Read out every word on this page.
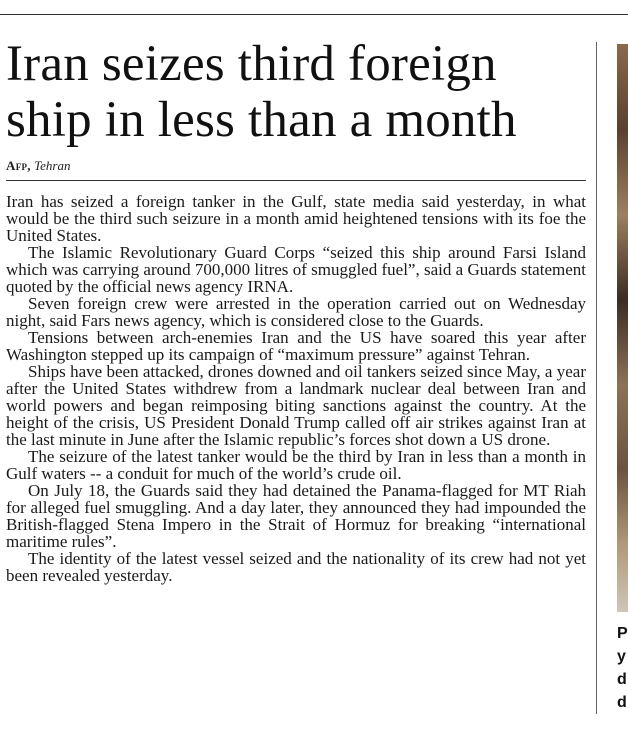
Iran seizes third foreign
ship in less than a month
Afp, Tehran

Iran has seized a foreign tanker in the Gulf, state media said yesterday, in what would be the third such seizure in a month amid heightened tensions with its foe the United States.

The Islamic Revolutionary Guard Corps “seized this ship around Farsi Island which was carrying around 700,000 litres of smuggled fuel”, said a Guards statement quoted by the official news agency IRNA.

Seven foreign crew were arrested in the operation carried out on Wednesday night, said Fars news agency, which is considered close to the Guards.

Tensions between arch-enemies Iran and the US have soared this year after Washington stepped up its campaign of “maximum pressure” against Tehran.

Ships have been attacked, drones downed and oil tankers seized since May, a year after the United States withdrew from a landmark nuclear deal between Iran and world powers and began reimposing biting sanctions against the country. At the height of the crisis, US President Donald Trump called off air strikes against Iran at the last minute in June after the Islamic republic’s forces shot down a US drone.

The seizure of the latest tanker would be the third by Iran in less than a month in Gulf waters -- a conduit for much of the world’s crude oil.

On July 18, the Guards said they had detained the Panama-flagged for MT Riah for alleged fuel smuggling. And a day later, they announced they had impounded the British-flagged Stena Impero in the Strait of Hormuz for breaking “international maritime rules”.

The identity of the latest vessel seized and the nationality of its crew had not yet been revealed yesterday.

P
y
d
d
